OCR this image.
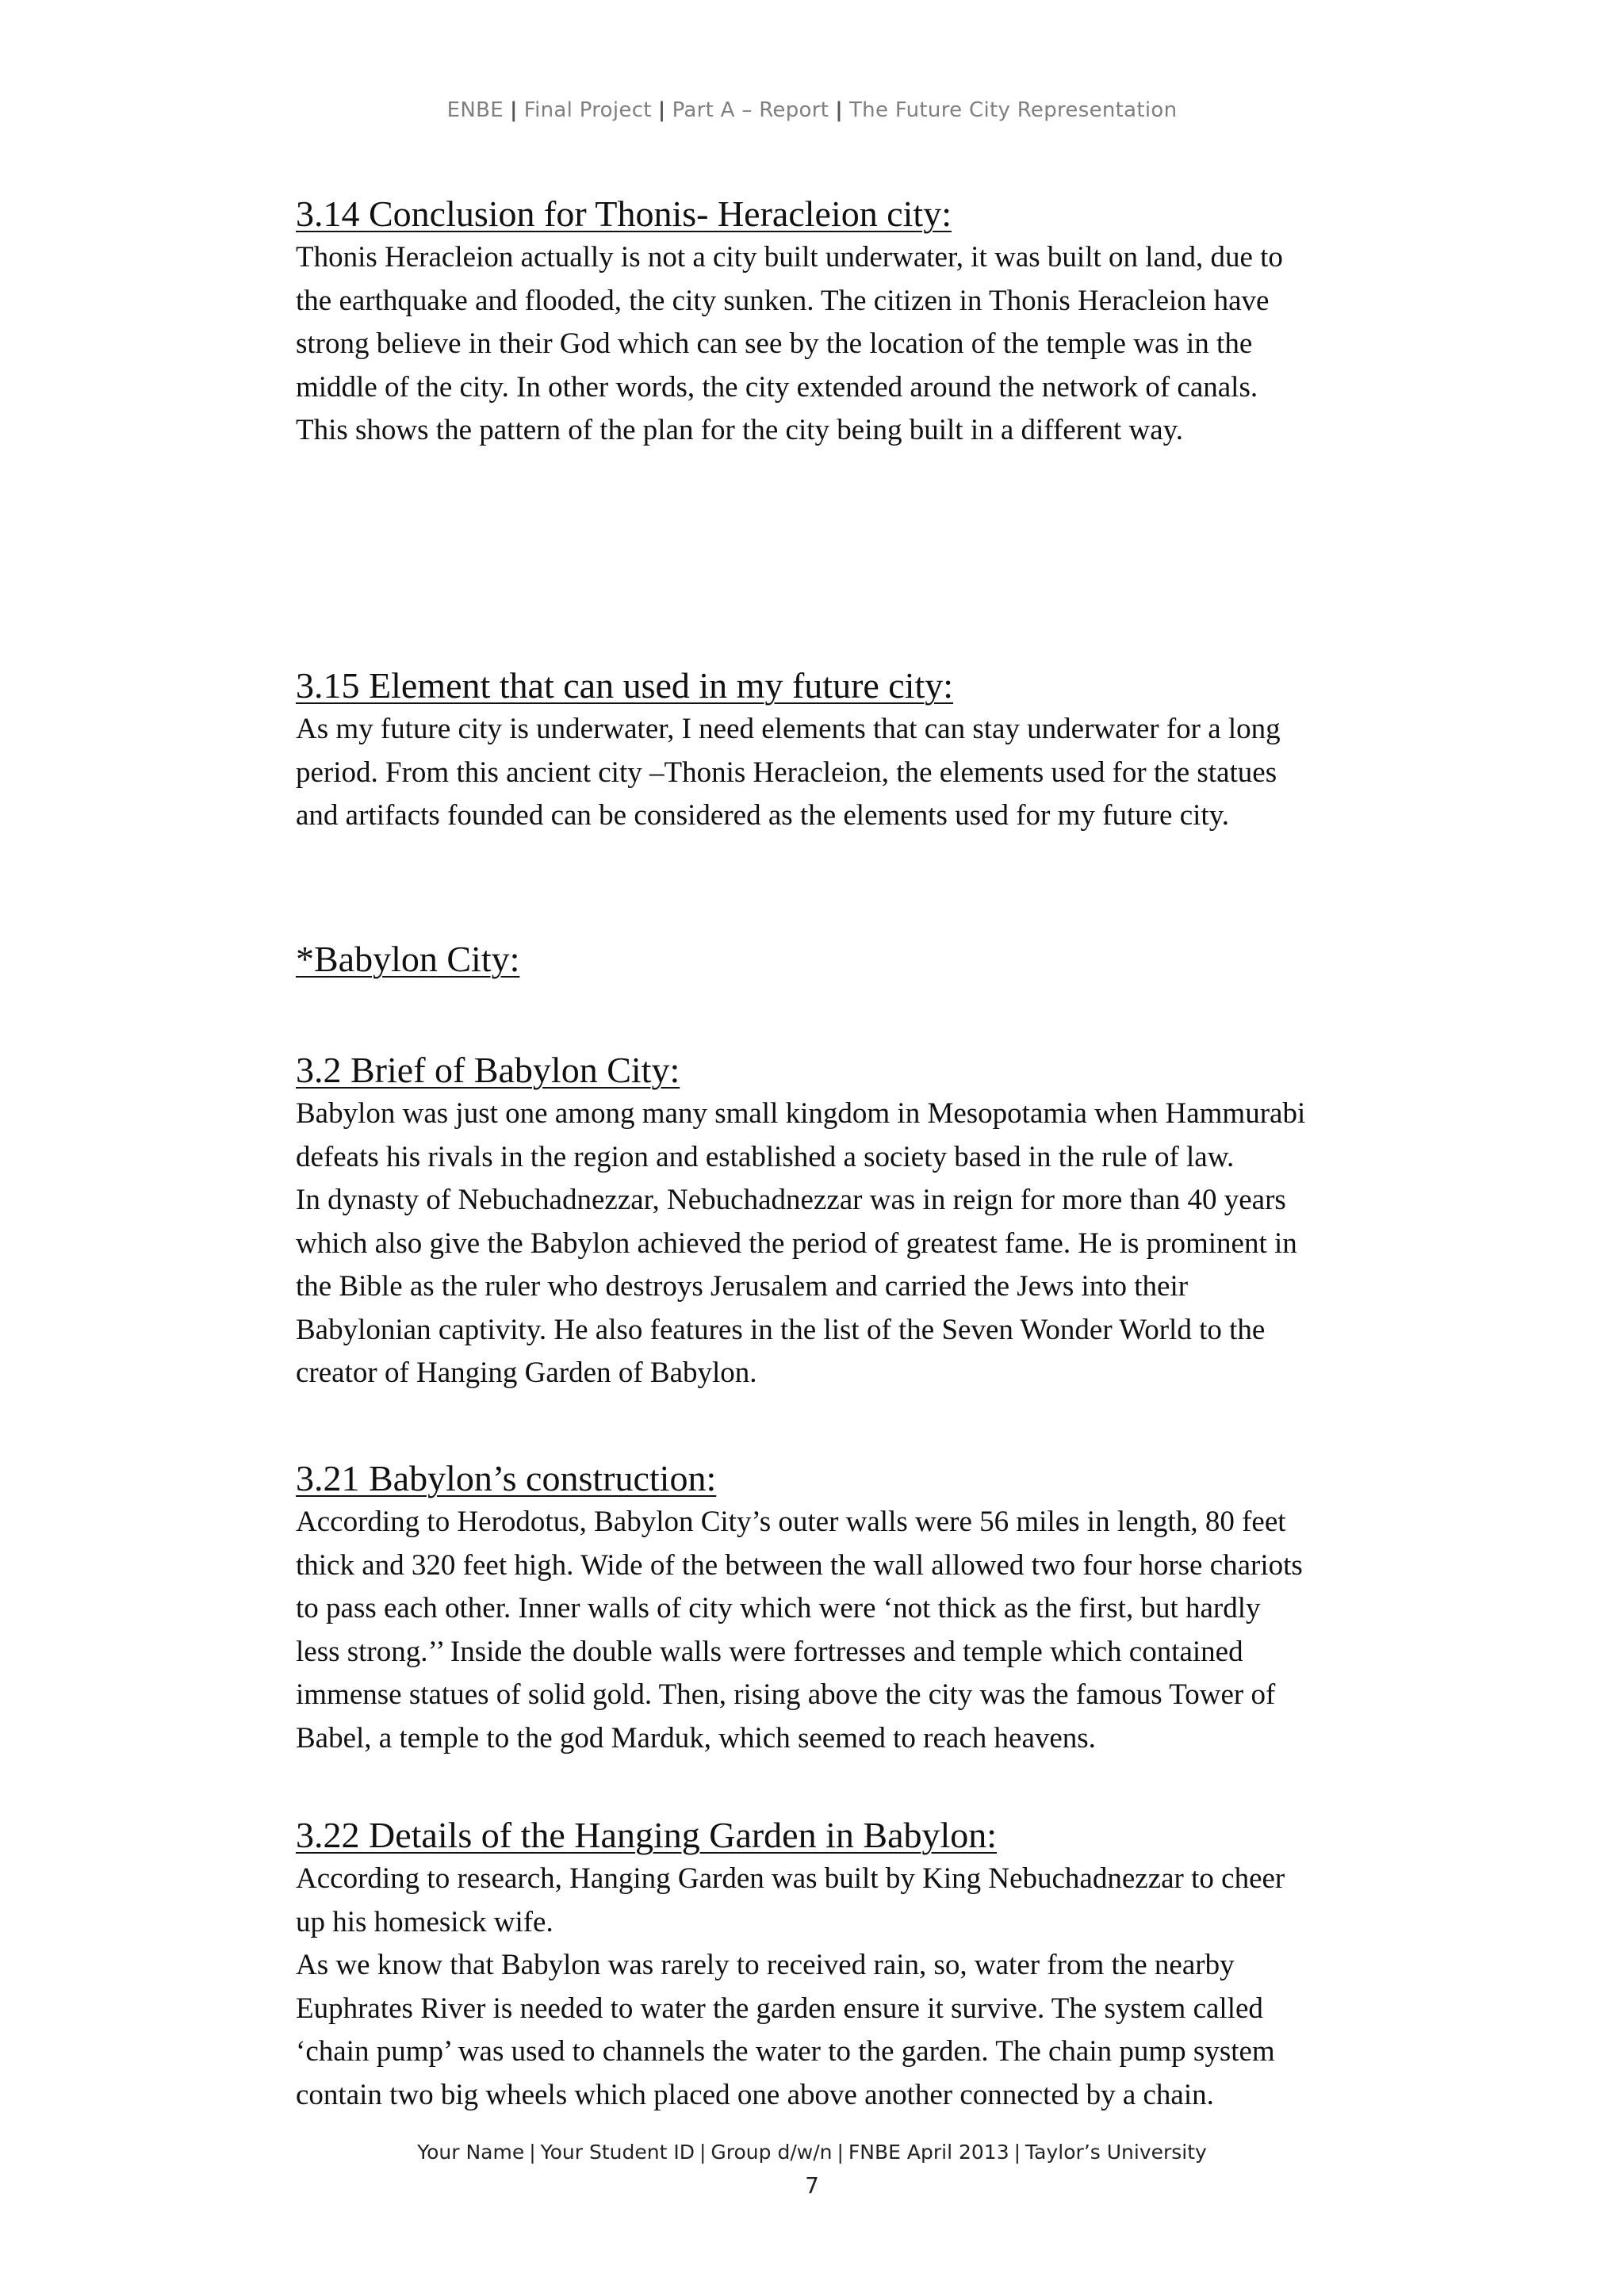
ENBE | Final Project | Part A – Report | The Future City Representation
3.14 Conclusion for Thonis- Heracleion city:
Thonis Heracleion actually is not a city built underwater, it was built on land, due to
the earthquake and flooded, the city sunken. The citizen in Thonis Heracleion have
strong believe in their God which can see by the location of the temple was in the
middle of the city. In other words, the city extended around the network of canals.
This shows the pattern of the plan for the city being built in a different way.
3.15 Element that can used in my future city:
As my future city is underwater, I need elements that can stay underwater for a long
period. From this ancient city –Thonis Heracleion, the elements used for the statues
and artifacts founded can be considered as the elements used for my future city.
*Babylon City:
3.2 Brief of Babylon City:
Babylon was just one among many small kingdom in Mesopotamia when Hammurabi
defeats his rivals in the region and established a society based in the rule of law.
In dynasty of Nebuchadnezzar, Nebuchadnezzar was in reign for more than 40 years
which also give the Babylon achieved the period of greatest fame. He is prominent in
the Bible as the ruler who destroys Jerusalem and carried the Jews into their
Babylonian captivity. He also features in the list of the Seven Wonder World to the
creator of Hanging Garden of Babylon.
3.21 Babylon’s construction:
According to Herodotus, Babylon City’s outer walls were 56 miles in length, 80 feet
thick and 320 feet high. Wide of the between the wall allowed two four horse chariots
to pass each other. Inner walls of city which were ‘not thick as the first, but hardly
less strong.’’ Inside the double walls were fortresses and temple which contained
immense statues of solid gold. Then, rising above the city was the famous Tower of
Babel, a temple to the god Marduk, which seemed to reach heavens.
3.22 Details of the Hanging Garden in Babylon:
According to research, Hanging Garden was built by King Nebuchadnezzar to cheer
up his homesick wife.
As we know that Babylon was rarely to received rain, so, water from the nearby
Euphrates River is needed to water the garden ensure it survive. The system called
‘chain pump’ was used to channels the water to the garden. The chain pump system
contain two big wheels which placed one above another connected by a chain.
Your Name | Your Student ID | Group d/w/n | FNBE April 2013 | Taylor’s University
7
